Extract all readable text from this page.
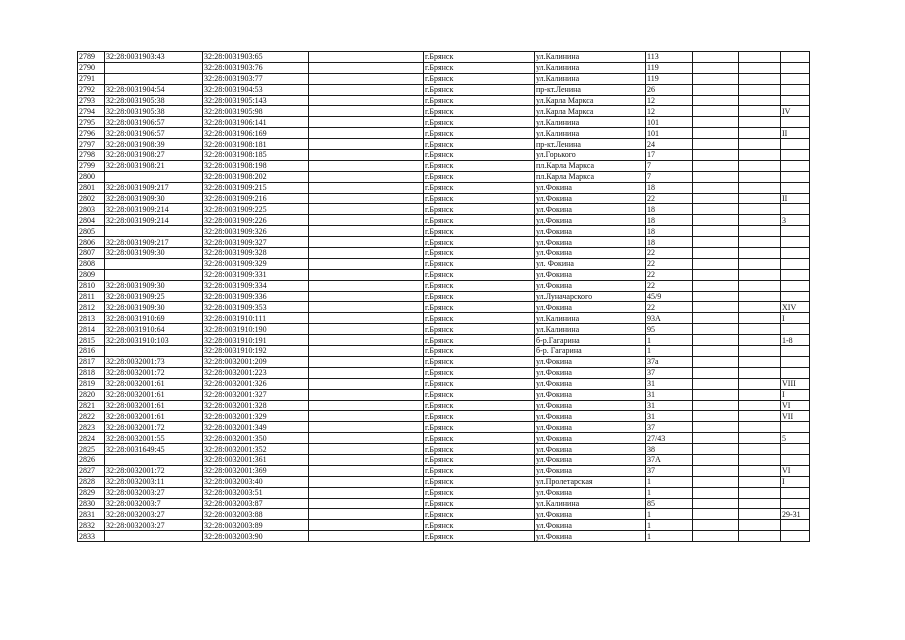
2789	32:28:0031903:43	32:28:0031903:65		г.Брянск	ул.Калинина	113			
2790		32:28:0031903:76		г.Брянск	ул.Калинина	119			
2791		32:28:0031903:77		г.Брянск	ул.Калинина	119			
2792	32:28:0031904:54	32:28:0031904:53		г.Брянск	пр-кт.Ленина	26			
2793	32:28:0031905:38	32:28:0031905:143		г.Брянск	ул.Карла Маркса	12			
2794	32:28:0031905:38	32:28:0031905:98		г.Брянск	ул.Карла Маркса	12			IV
2795	32:28:0031906:57	32:28:0031906:141		г.Брянск	ул.Калинина	101			
2796	32:28:0031906:57	32:28:0031906:169		г.Брянск	ул.Калинина	101			II
2797	32:28:0031908:39	32:28:0031908:181		г.Брянск	пр-кт.Ленина	24			
2798	32:28:0031908:27	32:28:0031908:185		г.Брянск	ул.Горького	17			
2799	32:28:0031908:21	32:28:0031908:198		г.Брянск	пл.Карла Маркса	7			
2800		32:28:0031908:202		г.Брянск	пл.Карла Маркса	7			
2801	32:28:0031909:217	32:28:0031909:215		г.Брянск	ул.Фокина	18			
2802	32:28:0031909:30	32:28:0031909:216		г.Брянск	ул.Фокина	22			II
2803	32:28:0031909:214	32:28:0031909:225		г.Брянск	ул.Фокина	18			
2804	32:28:0031909:214	32:28:0031909:226		г.Брянск	ул.Фокина	18			3
2805		32:28:0031909:326		г.Брянск	ул.Фокина	18			
2806	32:28:0031909:217	32:28:0031909:327		г.Брянск	ул.Фокина	18			
2807	32:28:0031909:30	32:28:0031909:328		г.Брянск	ул.Фокина	22			
2808		32:28:0031909:329		г.Брянск	ул. Фокина	22			
2809		32:28:0031909:331		г.Брянск	ул.Фокина	22			
2810	32:28:0031909:30	32:28:0031909:334		г.Брянск	ул.Фокина	22			
2811	32:28:0031909:25	32:28:0031909:336		г.Брянск	ул.Луначарского	45/9			
2812	32:28:0031909:30	32:28:0031909:353		г.Брянск	ул.Фокина	22			XIV
2813	32:28:0031910:69	32:28:0031910:111		г.Брянск	ул.Калинина	93А			I
2814	32:28:0031910:64	32:28:0031910:190		г.Брянск	ул.Калинина	95			
2815	32:28:0031910:103	32:28:0031910:191		г.Брянск	б-р.Гагарина	1			1-8
2816		32:28:0031910:192		г.Брянск	б-р. Гагарина	1			
2817	32:28:0032001:73	32:28:0032001:209		г.Брянск	ул.Фокина	37а			
2818	32:28:0032001:72	32:28:0032001:223		г.Брянск	ул.Фокина	37			
2819	32:28:0032001:61	32:28:0032001:326		г.Брянск	ул.Фокина	31			VIII
2820	32:28:0032001:61	32:28:0032001:327		г.Брянск	ул.Фокина	31			I
2821	32:28:0032001:61	32:28:0032001:328		г.Брянск	ул.Фокина	31			VI
2822	32:28:0032001:61	32:28:0032001:329		г.Брянск	ул.Фокина	31			VII
2823	32:28:0032001:72	32:28:0032001:349		г.Брянск	ул.Фокина	37			
2824	32:28:0032001:55	32:28:0032001:350		г.Брянск	ул.Фокина	27/43			5
2825	32:28:0031649:45	32:28:0032001:352		г.Брянск	ул.Фокина	38			
2826		32:28:0032001:361		г.Брянск	ул.Фокина	37А			
2827	32:28:0032001:72	32:28:0032001:369		г.Брянск	ул.Фокина	37			VI
2828	32:28:0032003:11	32:28:0032003:40		г.Брянск	ул.Пролетарская	1			I
2829	32:28:0032003:27	32:28:0032003:51		г.Брянск	ул.Фокина	1			
2830	32:28:0032003:7	32:28:0032003:87		г.Брянск	ул.Калинина	85			
2831	32:28:0032003:27	32:28:0032003:88		г.Брянск	ул.Фокина	1			29-31
2832	32:28:0032003:27	32:28:0032003:89		г.Брянск	ул.Фокина	1			
2833		32:28:0032003:90		г.Брянск	ул.Фокина	1			
